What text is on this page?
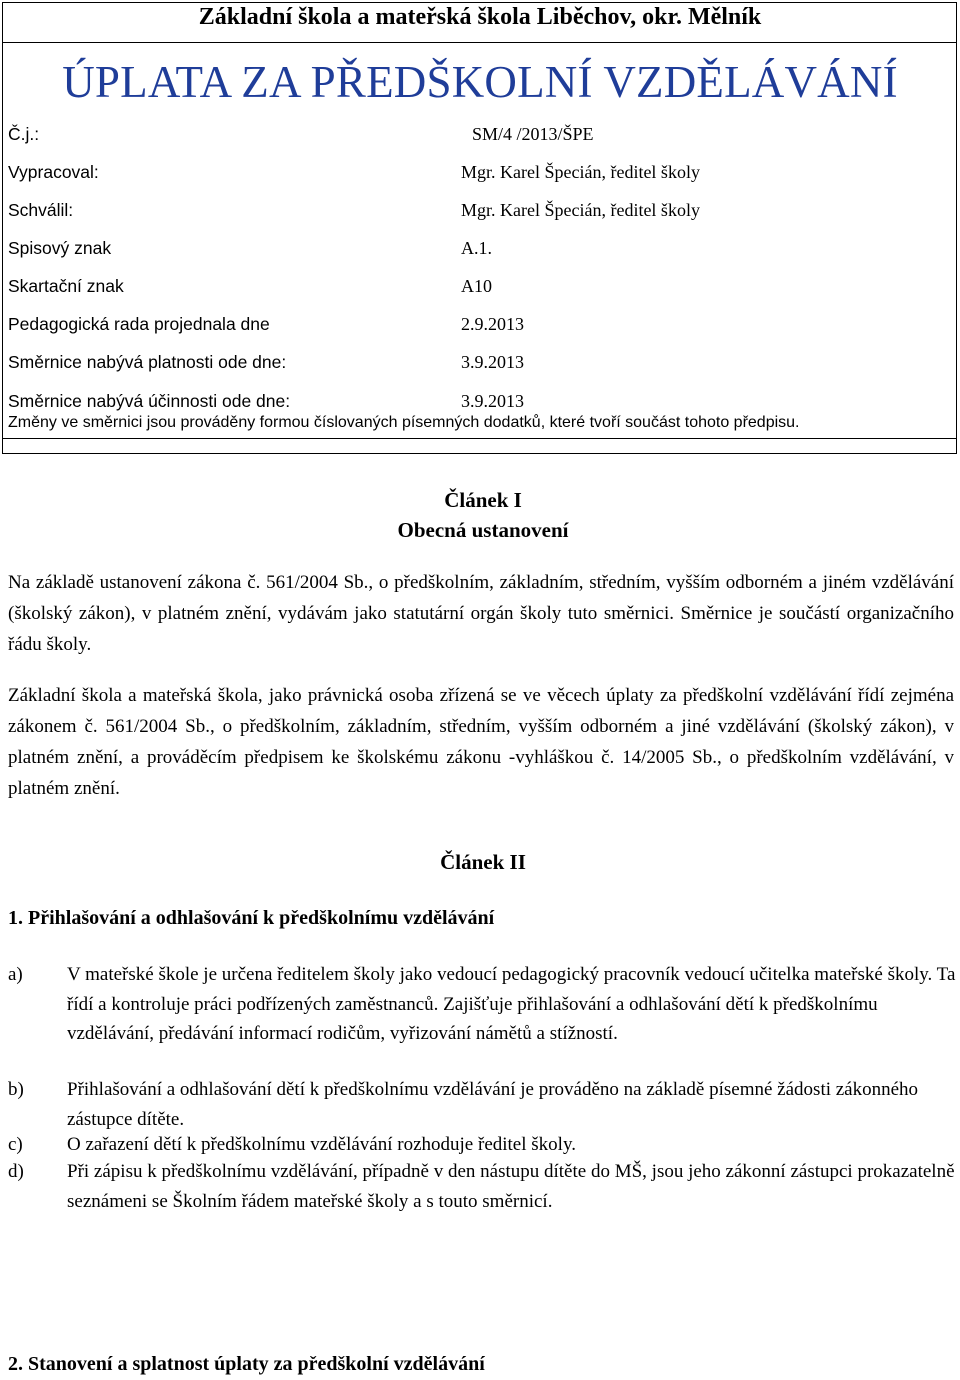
Základní škola a mateřská škola Liběchov, okr. Mělník
ÚPLATA ZA PŘEDŠKOLNÍ VZDĚLÁVÁNÍ
Č.j.:	SM/4 /2013/ŠPE
Vypracoval:	Mgr. Karel Špecián, ředitel školy
Schválil:	Mgr. Karel Špecián, ředitel školy
Spisový znak	A.1.
Skartační znak	A10
Pedagogická rada projednala dne	2.9.2013
Směrnice nabývá platnosti ode dne:	3.9.2013
Směrnice nabývá účinnosti ode dne:	3.9.2013
Změny ve směrnici jsou prováděny formou číslovaných písemných dodatků, které tvoří součást tohoto předpisu.
Článek I
Obecná ustanovení
Na základě ustanovení zákona č. 561/2004 Sb., o předškolním, základním, středním, vyšším odborném a jiném vzdělávání (školský zákon), v platném znění, vydávám jako statutární orgán školy tuto směrnici. Směrnice je součástí organizačního řádu školy.
Základní škola a mateřská škola, jako právnická osoba zřízená se ve věcech úplaty za předškolní vzdělávání řídí zejména zákonem č. 561/2004 Sb., o předškolním, základním, středním, vyšším odborném a jiné vzdělávání (školský zákon), v platném znění, a prováděcím předpisem ke školskému zákonu -vyhláškou č. 14/2005 Sb., o předškolním vzdělávání, v platném znění.
Článek II
1. Přihlašování a odhlašování k předškolnímu vzdělávání
a) V mateřské škole je určena ředitelem školy jako vedoucí pedagogický pracovník vedoucí učitelka mateřské školy. Ta řídí a kontroluje práci podřízených zaměstnanců. Zajišťuje přihlašování a odhlašování dětí k předškolnímu vzdělávání, předávání informací rodičům, vyřizování námětů a stížností.
b) Přihlašování a odhlašování dětí k předškolnímu vzdělávání je prováděno na základě písemné žádosti zákonného zástupce dítěte.
c) O zařazení dětí k předškolnímu vzdělávání rozhoduje ředitel školy.
d) Při zápisu k předškolnímu vzdělávání, případně v den nástupu dítěte do MŠ, jsou jeho zákonní zástupci prokazatelně seznámeni se Školním řádem mateřské školy a s touto směrnicí.
2. Stanovení a splatnost úplaty za předškolní vzdělávání
